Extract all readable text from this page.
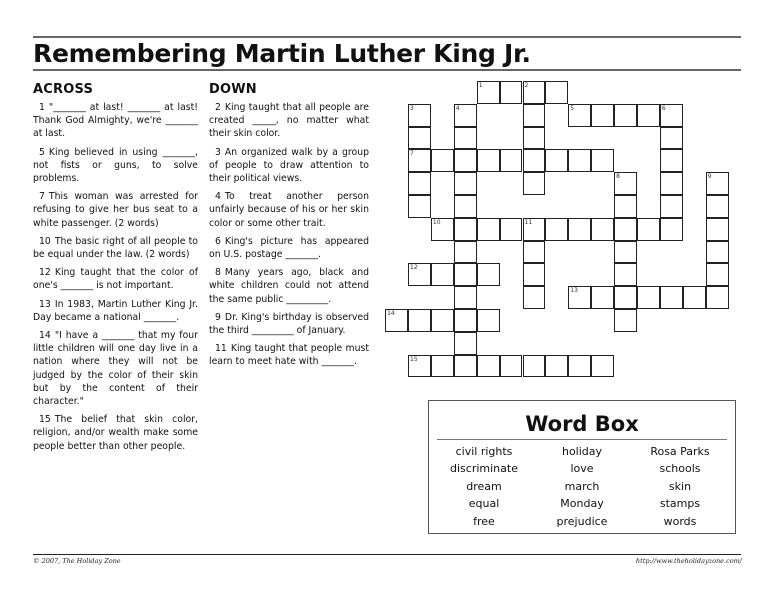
Remembering Martin Luther King Jr.
ACROSS

1 "_______ at last! _______ at last! Thank God Almighty, we're _______ at last.

5 King believed in using _______, not fists or guns, to solve problems.

7 This woman was arrested for refusing to give her bus seat to a white passenger. (2 words)

10 The basic right of all people to be equal under the law. (2 words)

12 King taught that the color of one's _______ is not important.

13 In 1983, Martin Luther King Jr. Day became a national _______.

14 "I have a _______ that my four little children will one day live in a nation where they will not be judged by the color of their skin but by the content of their character."

15 The belief that skin color, religion, and/or wealth make some people better than other people.

DOWN

2 King taught that all people are created _____, no matter what their skin color.

3 An organized walk by a group of people to draw attention to their political views.

4 To treat another person unfairly because of his or her skin color or some other trait.

6 King's picture has appeared on U.S. postage _______.

8 Many years ago, black and white children could not attend the same public _________.

9 Dr. King's birthday is observed the third _________ of January.

11 King taught that people must learn to meet hate with _______.

1	2
3
7
4	5	6
8	9
10	11
12
13
14
15
Word Box
civil rights	holiday	Rosa Parks
discriminate	love	schools
dream	march	skin
equal	Monday	stamps
free	prejudice	words
© 2007, The Holiday Zone	http://www.theholidayzone.com/
